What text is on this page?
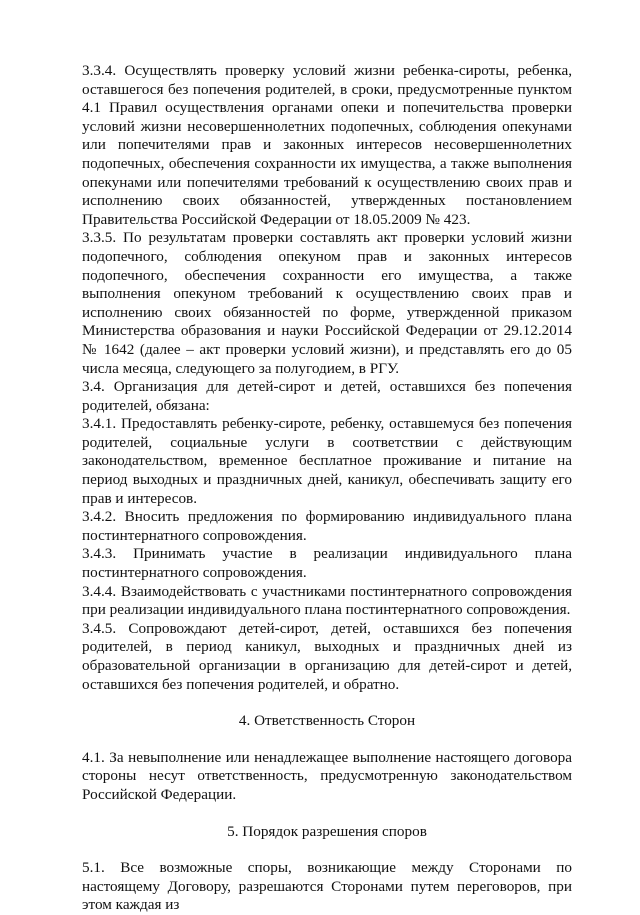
3.3.4. Осуществлять проверку условий жизни ребенка-сироты, ребенка, оставшегося без попечения родителей, в сроки, предусмотренные пунктом 4.1 Правил осуществления органами опеки и попечительства проверки условий жизни несовершеннолетних подопечных, соблюдения опекунами или попечителями прав и законных интересов несовершеннолетних подопечных, обеспечения сохранности их имущества, а также выполнения опекунами или попечителями требований к осуществлению своих прав и исполнению своих обязанностей, утвержденных постановлением Правительства Российской Федерации от 18.05.2009 № 423.

3.3.5. По результатам проверки составлять акт проверки условий жизни подопечного, соблюдения опекуном прав и законных интересов подопечного, обеспечения сохранности его имущества, а также выполнения опекуном требований к осуществлению своих прав и исполнению своих обязанностей по форме, утвержденной приказом Министерства образования и науки Российской Федерации от 29.12.2014 № 1642 (далее – акт проверки условий жизни), и представлять его до 05 числа месяца, следующего за полугодием, в РГУ.

3.4. Организация для детей-сирот и детей, оставшихся без попечения родителей, обязана:

3.4.1. Предоставлять ребенку-сироте, ребенку, оставшемуся без попечения родителей, социальные услуги в соответствии с действующим законодательством, временное бесплатное проживание и питание на период выходных и праздничных дней, каникул, обеспечивать защиту его прав и интересов.

3.4.2. Вносить предложения по формированию индивидуального плана постинтернатного сопровождения.

3.4.3. Принимать участие в реализации индивидуального плана постинтернатного сопровождения.

3.4.4. Взаимодействовать с участниками постинтернатного сопровождения при реализации индивидуального плана постинтернатного сопровождения.

3.4.5. Сопровождают детей-сирот, детей, оставшихся без попечения родителей, в период каникул, выходных и праздничных дней из образовательной организации в организацию для детей-сирот и детей, оставшихся без попечения родителей, и обратно.

4. Ответственность Сторон

4.1. За невыполнение или ненадлежащее выполнение настоящего договора стороны несут ответственность, предусмотренную законодательством Российской Федерации.

5. Порядок разрешения споров

5.1. Все возможные споры, возникающие между Сторонами по настоящему Договору, разрешаются Сторонами путем переговоров, при этом каждая из
